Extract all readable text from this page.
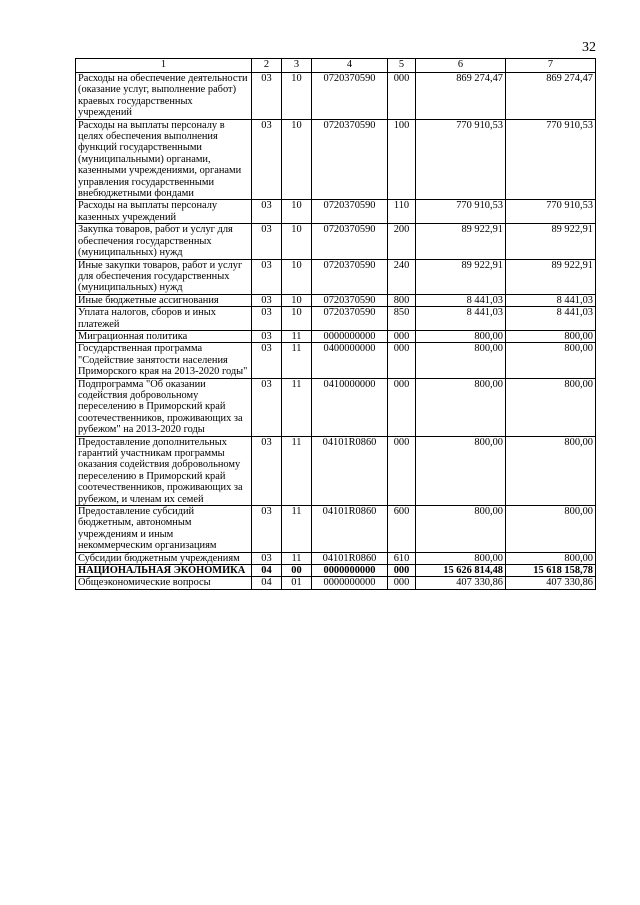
32
1	2	3	4	5	6	7
Расходы на обеспечение деятельности (оказание услуг, выполнение работ) краевых государственных учреждений	03	10	0720370590	000	869 274,47	869 274,47
Расходы на выплаты персоналу в целях обеспечения выполнения функций государственными (муниципальными) органами, казенными учреждениями, органами управления государственными внебюджетными фондами	03	10	0720370590	100	770 910,53	770 910,53
Расходы на выплаты персоналу казенных учреждений	03	10	0720370590	110	770 910,53	770 910,53
Закупка товаров, работ и услуг для обеспечения государственных (муниципальных) нужд	03	10	0720370590	200	89 922,91	89 922,91
Иные закупки товаров, работ и услуг для обеспечения государственных (муниципальных) нужд	03	10	0720370590	240	89 922,91	89 922,91
Иные бюджетные ассигнования	03	10	0720370590	800	8 441,03	8 441,03
Уплата налогов, сборов и иных платежей	03	10	0720370590	850	8 441,03	8 441,03
Миграционная политика	03	11	0000000000	000	800,00	800,00
Государственная программа "Содействие занятости населения Приморского края на 2013-2020 годы"	03	11	0400000000	000	800,00	800,00
Подпрограмма "Об оказании содействия добровольному переселению в Приморский край соотечественников, проживающих за рубежом" на 2013-2020 годы	03	11	0410000000	000	800,00	800,00
Предоставление дополнительных гарантий участникам программы оказания содействия добровольному переселению в Приморский край соотечественников, проживающих за рубежом, и членам их семей	03	11	04101R0860	000	800,00	800,00
Предоставление субсидий бюджетным, автономным учреждениям и иным некоммерческим организациям	03	11	04101R0860	600	800,00	800,00
Субсидии бюджетным учреждениям	03	11	04101R0860	610	800,00	800,00
НАЦИОНАЛЬНАЯ ЭКОНОМИКА	04	00	0000000000	000	15 626 814,48	15 618 158,78
Общеэкономические вопросы	04	01	0000000000	000	407 330,86	407 330,86
